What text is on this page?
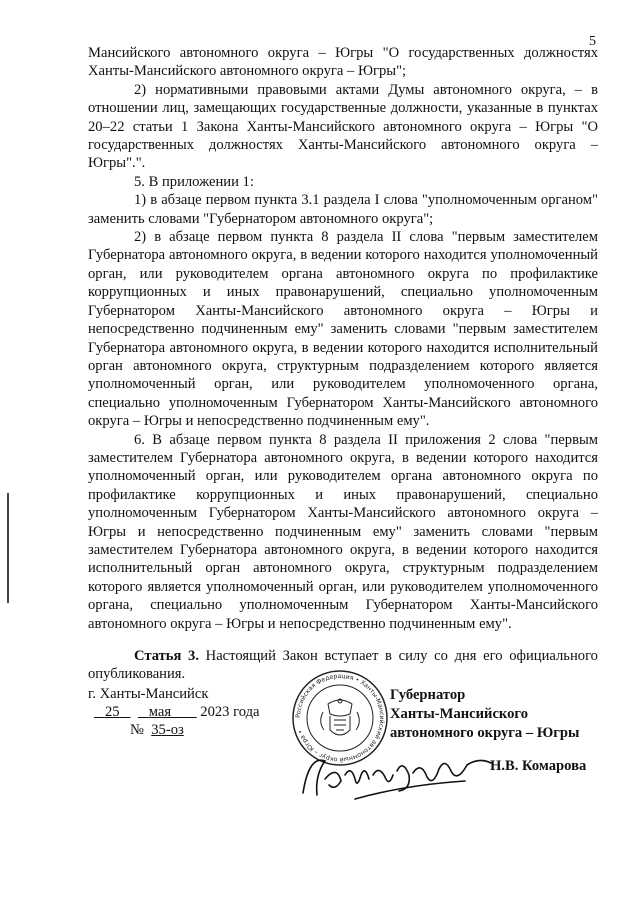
5

Мансийского автономного округа – Югры "О государственных должностях Ханты-Мансийского автономного округа – Югры";

2) нормативными правовыми актами Думы автономного округа, – в отношении лиц, замещающих государственные должности, указанные в пунктах 20–22 статьи 1 Закона Ханты-Мансийского автономного округа – Югры "О государственных должностях Ханты-Мансийского автономного округа – Югры".".

5. В приложении 1:

1) в абзаце первом пункта 3.1 раздела I слова "уполномоченным органом" заменить словами "Губернатором автономного округа";

2) в абзаце первом пункта 8 раздела II слова "первым заместителем Губернатора автономного округа, в ведении которого находится уполномоченный орган, или руководителем органа автономного округа по профилактике коррупционных и иных правонарушений, специально уполномоченным Губернатором Ханты-Мансийского автономного округа – Югры и непосредственно подчиненным ему" заменить словами "первым заместителем Губернатора автономного округа, в ведении которого находится исполнительный орган автономного округа, структурным подразделением которого является уполномоченный орган, или руководителем уполномоченного органа, специально уполномоченным Губернатором Ханты-Мансийского автономного округа – Югры и непосредственно подчиненным ему".

6. В абзаце первом пункта 8 раздела II приложения 2 слова "первым заместителем Губернатора автономного округа, в ведении которого находится уполномоченный орган, или руководителем органа автономного округа по профилактике коррупционных и иных правонарушений, специально уполномоченным Губернатором Ханты-Мансийского автономного округа – Югры и непосредственно подчиненным ему" заменить словами "первым заместителем Губернатора автономного округа, в ведении которого находится исполнительный орган автономного округа, структурным подразделением которого является уполномоченный орган, или руководителем уполномоченного органа, специально уполномоченным Губернатором Ханты-Мансийского автономного округа – Югры и непосредственно подчиненным ему".

Статья 3. Настоящий Закон вступает в силу со дня его официального опубликования.

г. Ханты-Мансийск
25 мая 2023 года
№ 35-оз
Губернатор
Ханты-Мансийского
автономного округа – Югры
Н.В. Комарова
Российская Федерация • Ханты-Мансийский автономный округ – Югра •
